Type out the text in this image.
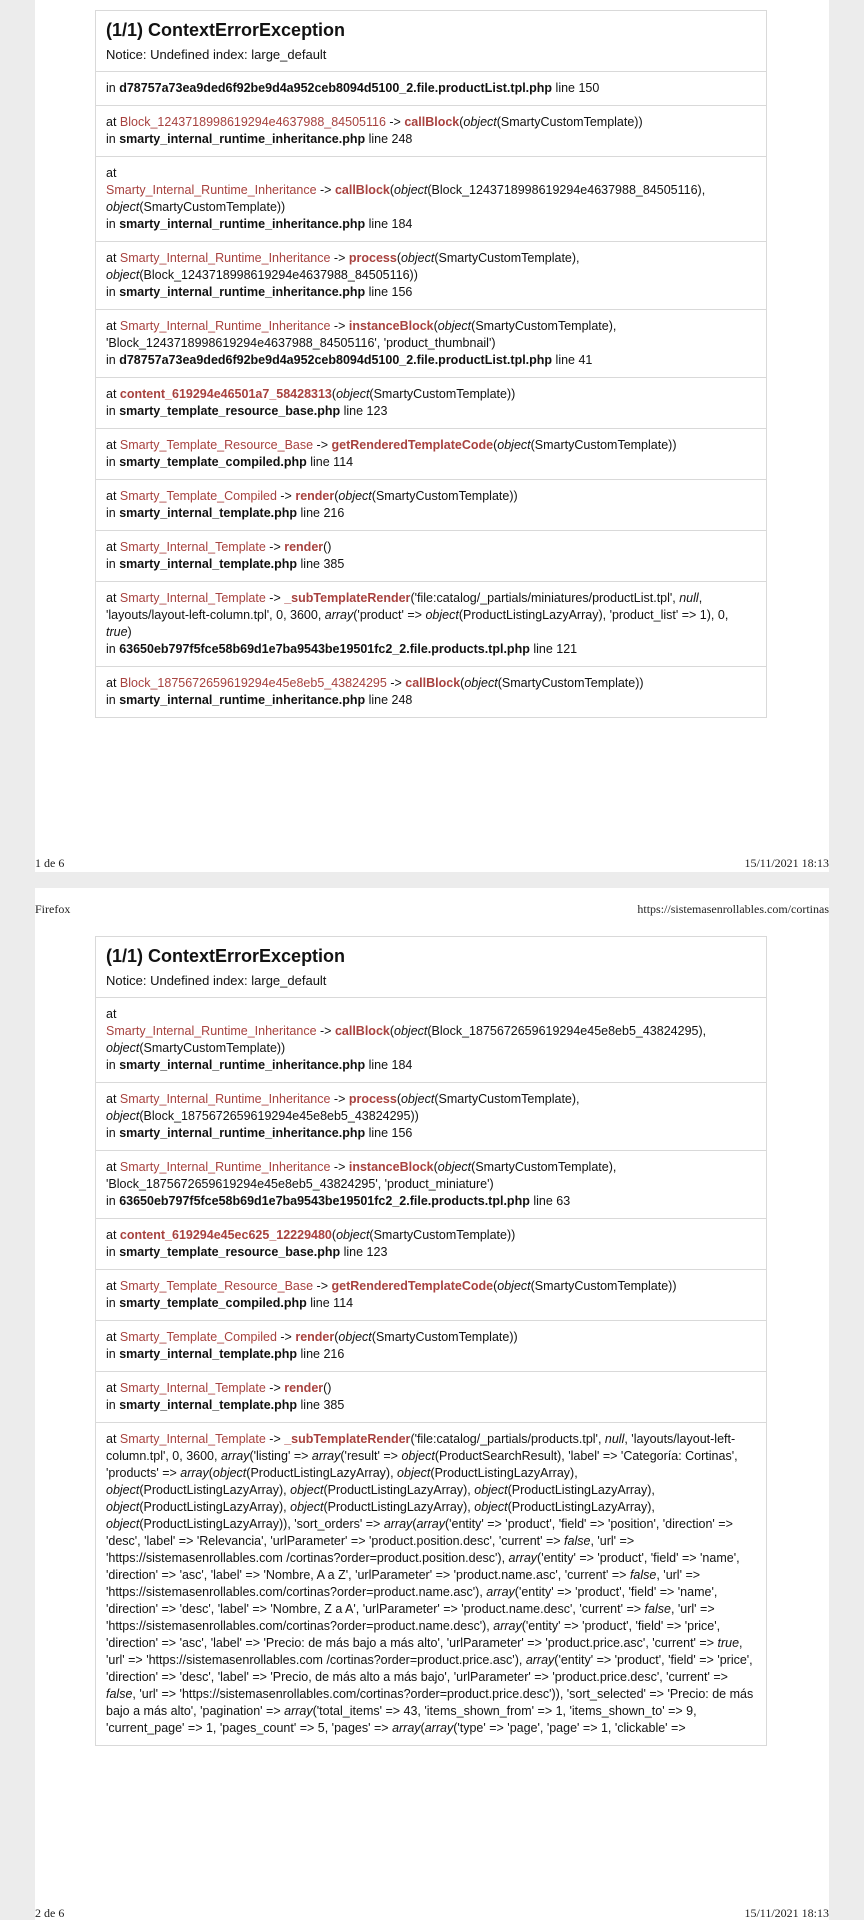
(1/1) ContextErrorException
Notice: Undefined index: large_default
in d78757a73ea9ded6f92be9d4a952ceb8094d5100_2.file.productList.tpl.php line 150
at Block_1243718998619294e4637988_84505116 -> callBlock(object(SmartyCustomTemplate))
in smarty_internal_runtime_inheritance.php line 248
at
Smarty_Internal_Runtime_Inheritance -> callBlock(object(Block_1243718998619294e4637988_84505116), object(SmartyCustomTemplate))
in smarty_internal_runtime_inheritance.php line 184
at Smarty_Internal_Runtime_Inheritance -> process(object(SmartyCustomTemplate), object(Block_1243718998619294e4637988_84505116))
in smarty_internal_runtime_inheritance.php line 156
at Smarty_Internal_Runtime_Inheritance -> instanceBlock(object(SmartyCustomTemplate), 'Block_1243718998619294e4637988_84505116', 'product_thumbnail')
in d78757a73ea9ded6f92be9d4a952ceb8094d5100_2.file.productList.tpl.php line 41
at content_619294e46501a7_58428313(object(SmartyCustomTemplate))
in smarty_template_resource_base.php line 123
at Smarty_Template_Resource_Base -> getRenderedTemplateCode(object(SmartyCustomTemplate))
in smarty_template_compiled.php line 114
at Smarty_Template_Compiled -> render(object(SmartyCustomTemplate))
in smarty_internal_template.php line 216
at Smarty_Internal_Template -> render()
in smarty_internal_template.php line 385
at Smarty_Internal_Template -> _subTemplateRender('file:catalog/_partials/miniatures/productList.tpl', null, 'layouts/layout-left-column.tpl', 0, 3600, array('product' => object(ProductListingLazyArray), 'product_list' => 1), 0, true)
in 63650eb797f5fce58b69d1e7ba9543be19501fc2_2.file.products.tpl.php line 121
at Block_1875672659619294e45e8eb5_43824295 -> callBlock(object(SmartyCustomTemplate))
in smarty_internal_runtime_inheritance.php line 248
1 de 6	15/11/2021 18:13
Firefox	https://sistemasenrollables.com/cortinas
(1/1) ContextErrorException
Notice: Undefined index: large_default
at
Smarty_Internal_Runtime_Inheritance -> callBlock(object(Block_1875672659619294e45e8eb5_43824295), object(SmartyCustomTemplate))
in smarty_internal_runtime_inheritance.php line 184
at Smarty_Internal_Runtime_Inheritance -> process(object(SmartyCustomTemplate), object(Block_1875672659619294e45e8eb5_43824295))
in smarty_internal_runtime_inheritance.php line 156
at Smarty_Internal_Runtime_Inheritance -> instanceBlock(object(SmartyCustomTemplate), 'Block_1875672659619294e45e8eb5_43824295', 'product_miniature')
in 63650eb797f5fce58b69d1e7ba9543be19501fc2_2.file.products.tpl.php line 63
at content_619294e45ec625_12229480(object(SmartyCustomTemplate))
in smarty_template_resource_base.php line 123
at Smarty_Template_Resource_Base -> getRenderedTemplateCode(object(SmartyCustomTemplate))
in smarty_template_compiled.php line 114
at Smarty_Template_Compiled -> render(object(SmartyCustomTemplate))
in smarty_internal_template.php line 216
at Smarty_Internal_Template -> render()
in smarty_internal_template.php line 385
at Smarty_Internal_Template -> _subTemplateRender('file:catalog/_partials/products.tpl', null, 'layouts/layout-left-column.tpl', 0, 3600, array('listing' => array('result' => object(ProductSearchResult), 'label' => 'Categoría: Cortinas', 'products' => array(object(ProductListingLazyArray), object(ProductListingLazyArray), object(ProductListingLazyArray), object(ProductListingLazyArray), object(ProductListingLazyArray), object(ProductListingLazyArray), object(ProductListingLazyArray), object(ProductListingLazyArray), object(ProductListingLazyArray)), 'sort_orders' => array(array('entity' => 'product', 'field' => 'position', 'direction' => 'desc', 'label' => 'Relevancia', 'urlParameter' => 'product.position.desc', 'current' => false, 'url' => 'https://sistemasenrollables.com /cortinas?order=product.position.desc'), array('entity' => 'product', 'field' => 'name', 'direction' => 'asc', 'label' => 'Nombre, A a Z', 'urlParameter' => 'product.name.asc', 'current' => false, 'url' => 'https://sistemasenrollables.com/cortinas?order=product.name.asc'), array('entity' => 'product', 'field' => 'name', 'direction' => 'desc', 'label' => 'Nombre, Z a A', 'urlParameter' => 'product.name.desc', 'current' => false, 'url' => 'https://sistemasenrollables.com/cortinas?order=product.name.desc'), array('entity' => 'product', 'field' => 'price', 'direction' => 'asc', 'label' => 'Precio: de más bajo a más alto', 'urlParameter' => 'product.price.asc', 'current' => true, 'url' => 'https://sistemasenrollables.com /cortinas?order=product.price.asc'), array('entity' => 'product', 'field' => 'price', 'direction' => 'desc', 'label' => 'Precio, de más alto a más bajo', 'urlParameter' => 'product.price.desc', 'current' => false, 'url' => 'https://sistemasenrollables.com/cortinas?order=product.price.desc')), 'sort_selected' => 'Precio: de más bajo a más alto', 'pagination' => array('total_items' => 43, 'items_shown_from' => 1, 'items_shown_to' => 9, 'current_page' => 1, 'pages_count' => 5, 'pages' => array(array('type' => 'page', 'page' => 1, 'clickable' =>
2 de 6	15/11/2021 18:13
